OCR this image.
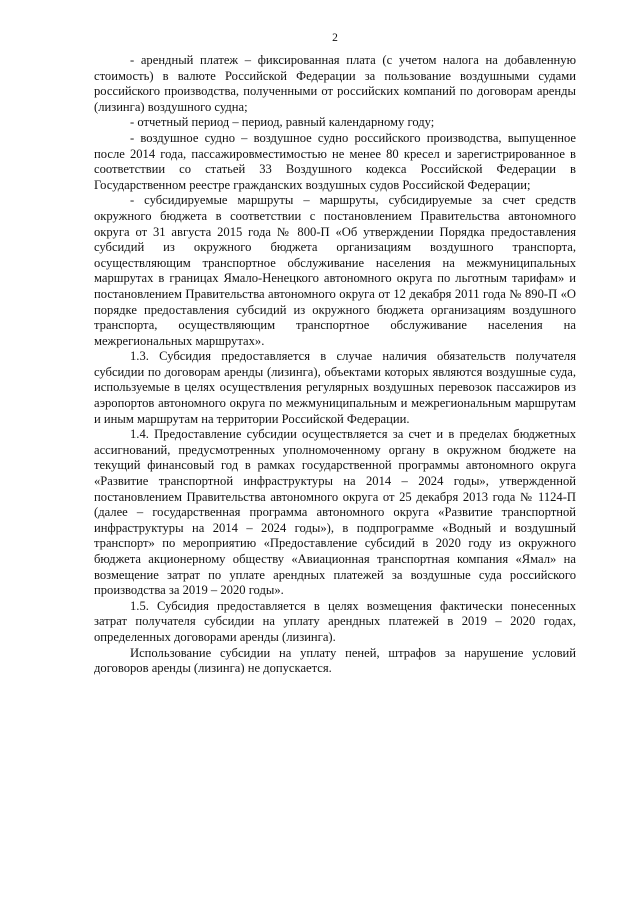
2

- арендный платеж – фиксированная плата (с учетом налога на добавленную стоимость) в валюте Российской Федерации за пользование воздушными судами российского производства, полученными от российских компаний по договорам аренды (лизинга) воздушного судна;

- отчетный период – период, равный календарному году;

- воздушное судно – воздушное судно российского производства, выпущенное после 2014 года, пассажировместимостью не менее 80 кресел и зарегистрированное в соответствии со статьей 33 Воздушного кодекса Российской Федерации в Государственном реестре гражданских воздушных судов Российской Федерации;

- субсидируемые маршруты – маршруты, субсидируемые за счет средств окружного бюджета в соответствии с постановлением Правительства автономного округа от 31 августа 2015 года № 800-П «Об утверждении Порядка предоставления субсидий из окружного бюджета организациям воздушного транспорта, осуществляющим транспортное обслуживание населения на межмуниципальных маршрутах в границах Ямало-Ненецкого автономного округа по льготным тарифам» и постановлением Правительства автономного округа от 12 декабря 2011 года № 890-П «О порядке предоставления субсидий из окружного бюджета организациям воздушного транспорта, осуществляющим транспортное обслуживание населения на межрегиональных маршрутах».

1.3. Субсидия предоставляется в случае наличия обязательств получателя субсидии по договорам аренды (лизинга), объектами которых являются воздушные суда, используемые в целях осуществления регулярных воздушных перевозок пассажиров из аэропортов автономного округа по межмуниципальным и межрегиональным маршрутам и иным маршрутам на территории Российской Федерации.

1.4. Предоставление субсидии осуществляется за счет и в пределах бюджетных ассигнований, предусмотренных уполномоченному органу в окружном бюджете на текущий финансовый год в рамках государственной программы автономного округа «Развитие транспортной инфраструктуры на 2014 – 2024 годы», утвержденной постановлением Правительства автономного округа от 25 декабря 2013 года № 1124-П (далее – государственная программа автономного округа «Развитие транспортной инфраструктуры на 2014 – 2024 годы»), в подпрограмме «Водный и воздушный транспорт» по мероприятию «Предоставление субсидий в 2020 году из окружного бюджета акционерному обществу «Авиационная транспортная компания «Ямал» на возмещение затрат по уплате арендных платежей за воздушные суда российского производства за 2019 – 2020 годы».

1.5. Субсидия предоставляется в целях возмещения фактически понесенных затрат получателя субсидии на уплату арендных платежей в 2019 – 2020 годах, определенных договорами аренды (лизинга).

Использование субсидии на уплату пеней, штрафов за нарушение условий договоров аренды (лизинга) не допускается.
